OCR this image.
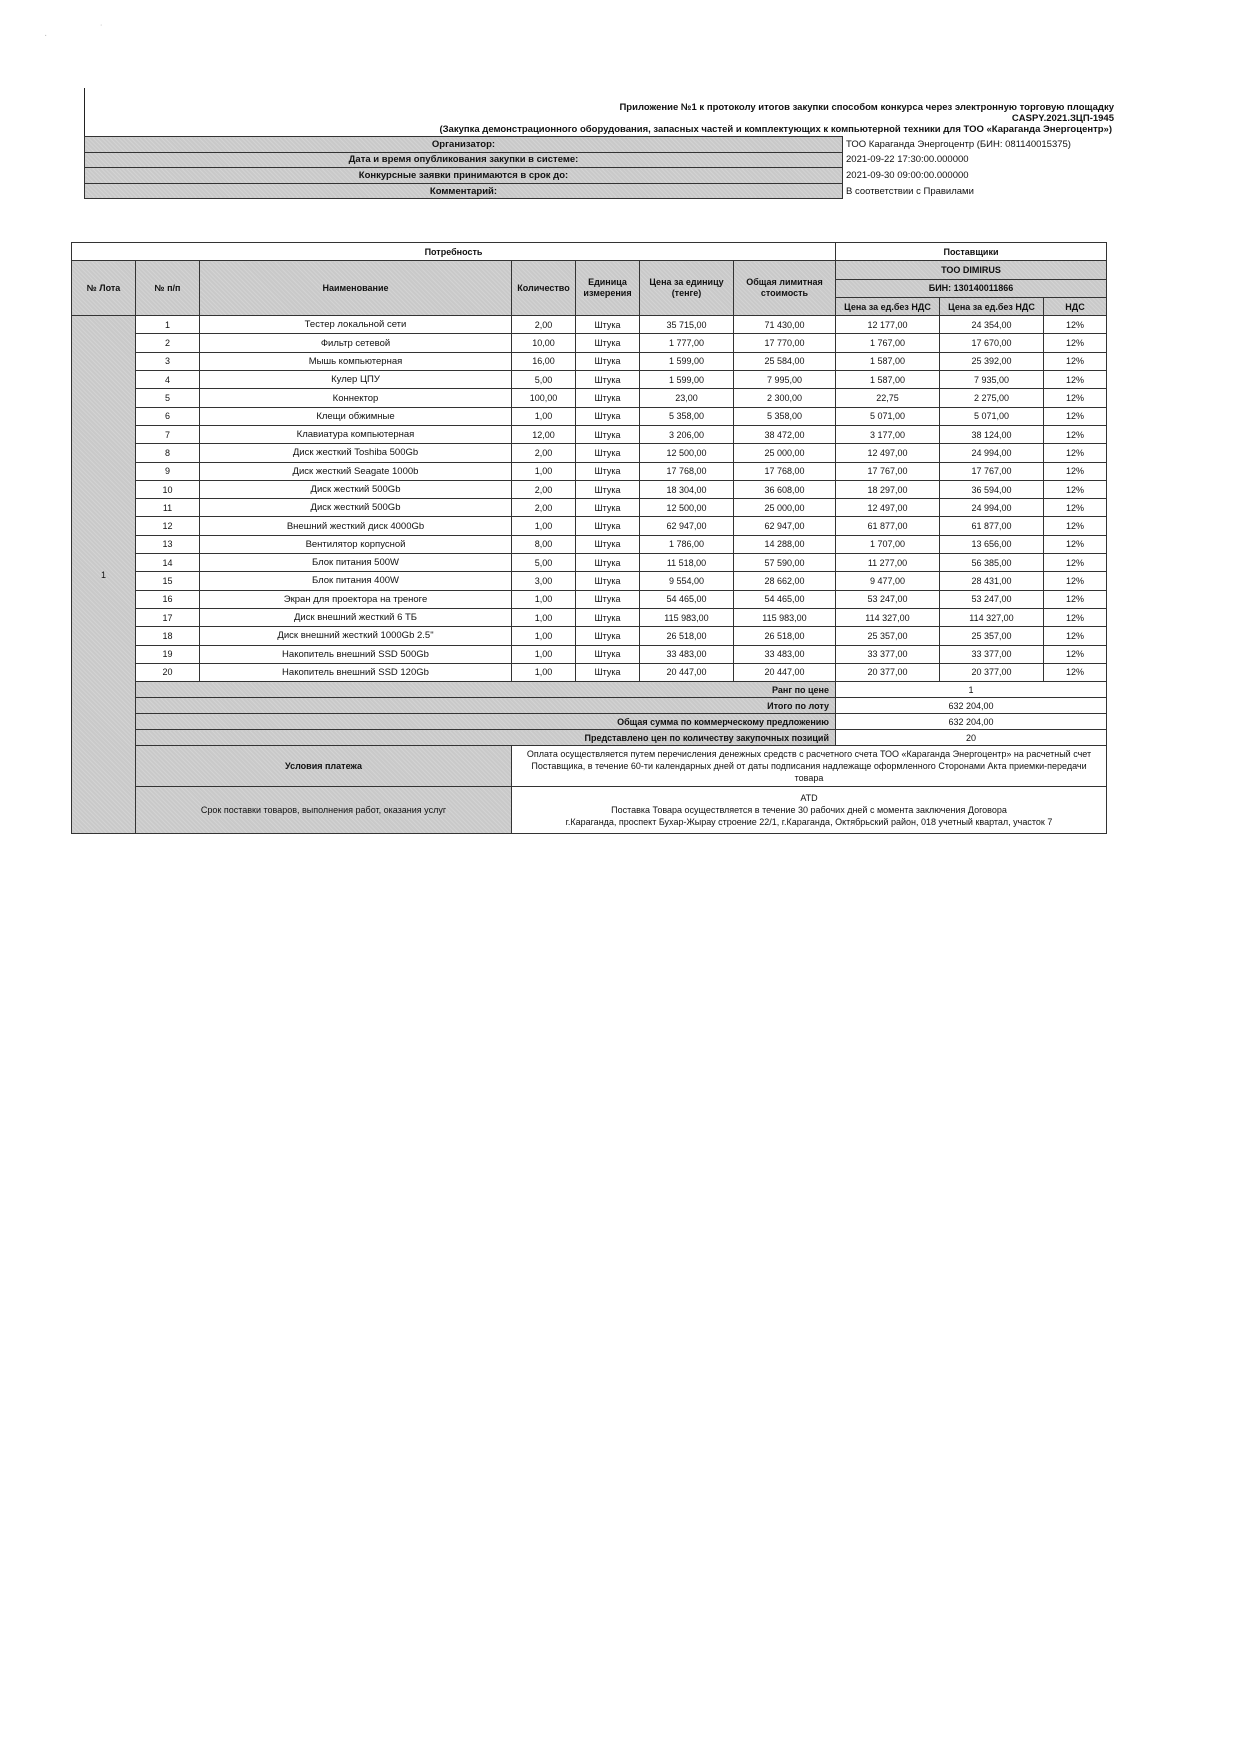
·
˙
Приложение №1 к протоколу итогов закупки способом конкурса через электронную торговую площадку
CASPY.2021.ЗЦП-1945
(Закупка демонстрационного оборудования, запасных частей и комплектующих к компьютерной техники для ТОО «Караганда Энергоцентр»)
Организатор:	ТОО Караганда Энергоцентр (БИН: 081140015375)
Дата и время опубликования закупки в системе:	2021-09-22 17:30:00.000000
Конкурсные заявки принимаются в срок до:	2021-09-30 09:00:00.000000
Комментарий:	В соответствии с Правилами
Потребность							Поставщики		
№ Лота	№ п/п	Наименование	Количество	Единица измерения	Цена за единицу (тенге)	Общая лимитная стоимость	ТОО DIMIRUS		
							БИН: 130140011866		
							Цена за ед.без НДС	Цена за ед.без НДС	НДС
1	1	Тестер локальной сети	2,00	Штука	35 715,00	71 430,00	12 177,00	24 354,00	12%
	2	Фильтр сетевой	10,00	Штука	1 777,00	17 770,00	1 767,00	17 670,00	12%
	3	Мышь компьютерная	16,00	Штука	1 599,00	25 584,00	1 587,00	25 392,00	12%
	4	Кулер ЦПУ	5,00	Штука	1 599,00	7 995,00	1 587,00	7 935,00	12%
	5	Коннектор	100,00	Штука	23,00	2 300,00	22,75	2 275,00	12%
	6	Клещи обжимные	1,00	Штука	5 358,00	5 358,00	5 071,00	5 071,00	12%
	7	Клавиатура компьютерная	12,00	Штука	3 206,00	38 472,00	3 177,00	38 124,00	12%
	8	Диск жесткий Toshiba 500Gb	2,00	Штука	12 500,00	25 000,00	12 497,00	24 994,00	12%
	9	Диск жесткий Seagate 1000b	1,00	Штука	17 768,00	17 768,00	17 767,00	17 767,00	12%
	10	Диск жесткий 500Gb	2,00	Штука	18 304,00	36 608,00	18 297,00	36 594,00	12%
	11	Диск жесткий 500Gb	2,00	Штука	12 500,00	25 000,00	12 497,00	24 994,00	12%
	12	Внешний жесткий диск 4000Gb	1,00	Штука	62 947,00	62 947,00	61 877,00	61 877,00	12%
	13	Вентилятор корпусной	8,00	Штука	1 786,00	14 288,00	1 707,00	13 656,00	12%
	14	Блок питания 500W	5,00	Штука	11 518,00	57 590,00	11 277,00	56 385,00	12%
	15	Блок питания 400W	3,00	Штука	9 554,00	28 662,00	9 477,00	28 431,00	12%
	16	Экран для проектора на треноге	1,00	Штука	54 465,00	54 465,00	53 247,00	53 247,00	12%
	17	Диск внешний жесткий 6 ТБ	1,00	Штука	115 983,00	115 983,00	114 327,00	114 327,00	12%
	18	Диск внешний жесткий 1000Gb 2.5"	1,00	Штука	26 518,00	26 518,00	25 357,00	25 357,00	12%
	19	Накопитель внешний SSD 500Gb	1,00	Штука	33 483,00	33 483,00	33 377,00	33 377,00	12%
	20	Накопитель внешний SSD 120Gb	1,00	Штука	20 447,00	20 447,00	20 377,00	20 377,00	12%
	Ранг по цене						1		
	Итого по лоту						632 204,00		
	Общая сумма по коммерческому предложению						632 204,00		
	Представлено цен по количеству закупочных позиций						20		
	Условия платежа		Оплата осуществляется путем перечисления денежных средств с расчетного счета ТОО «Караганда Энергоцентр» на расчетный счет Поставщика, в течение 60-ти календарных дней от даты подписания надлежаще оформленного Сторонами Акта приемки-передачи товара						
	Срок поставки товаров, выполнения работ, оказания услуг		ATD
Поставка Товара осуществляется в течение 30 рабочих дней с момента заключения Договора
г.Караганда, проспект Бухар-Жырау строение 22/1, г.Караганда, Октябрьский район, 018 учетный квартал, участок 7						
